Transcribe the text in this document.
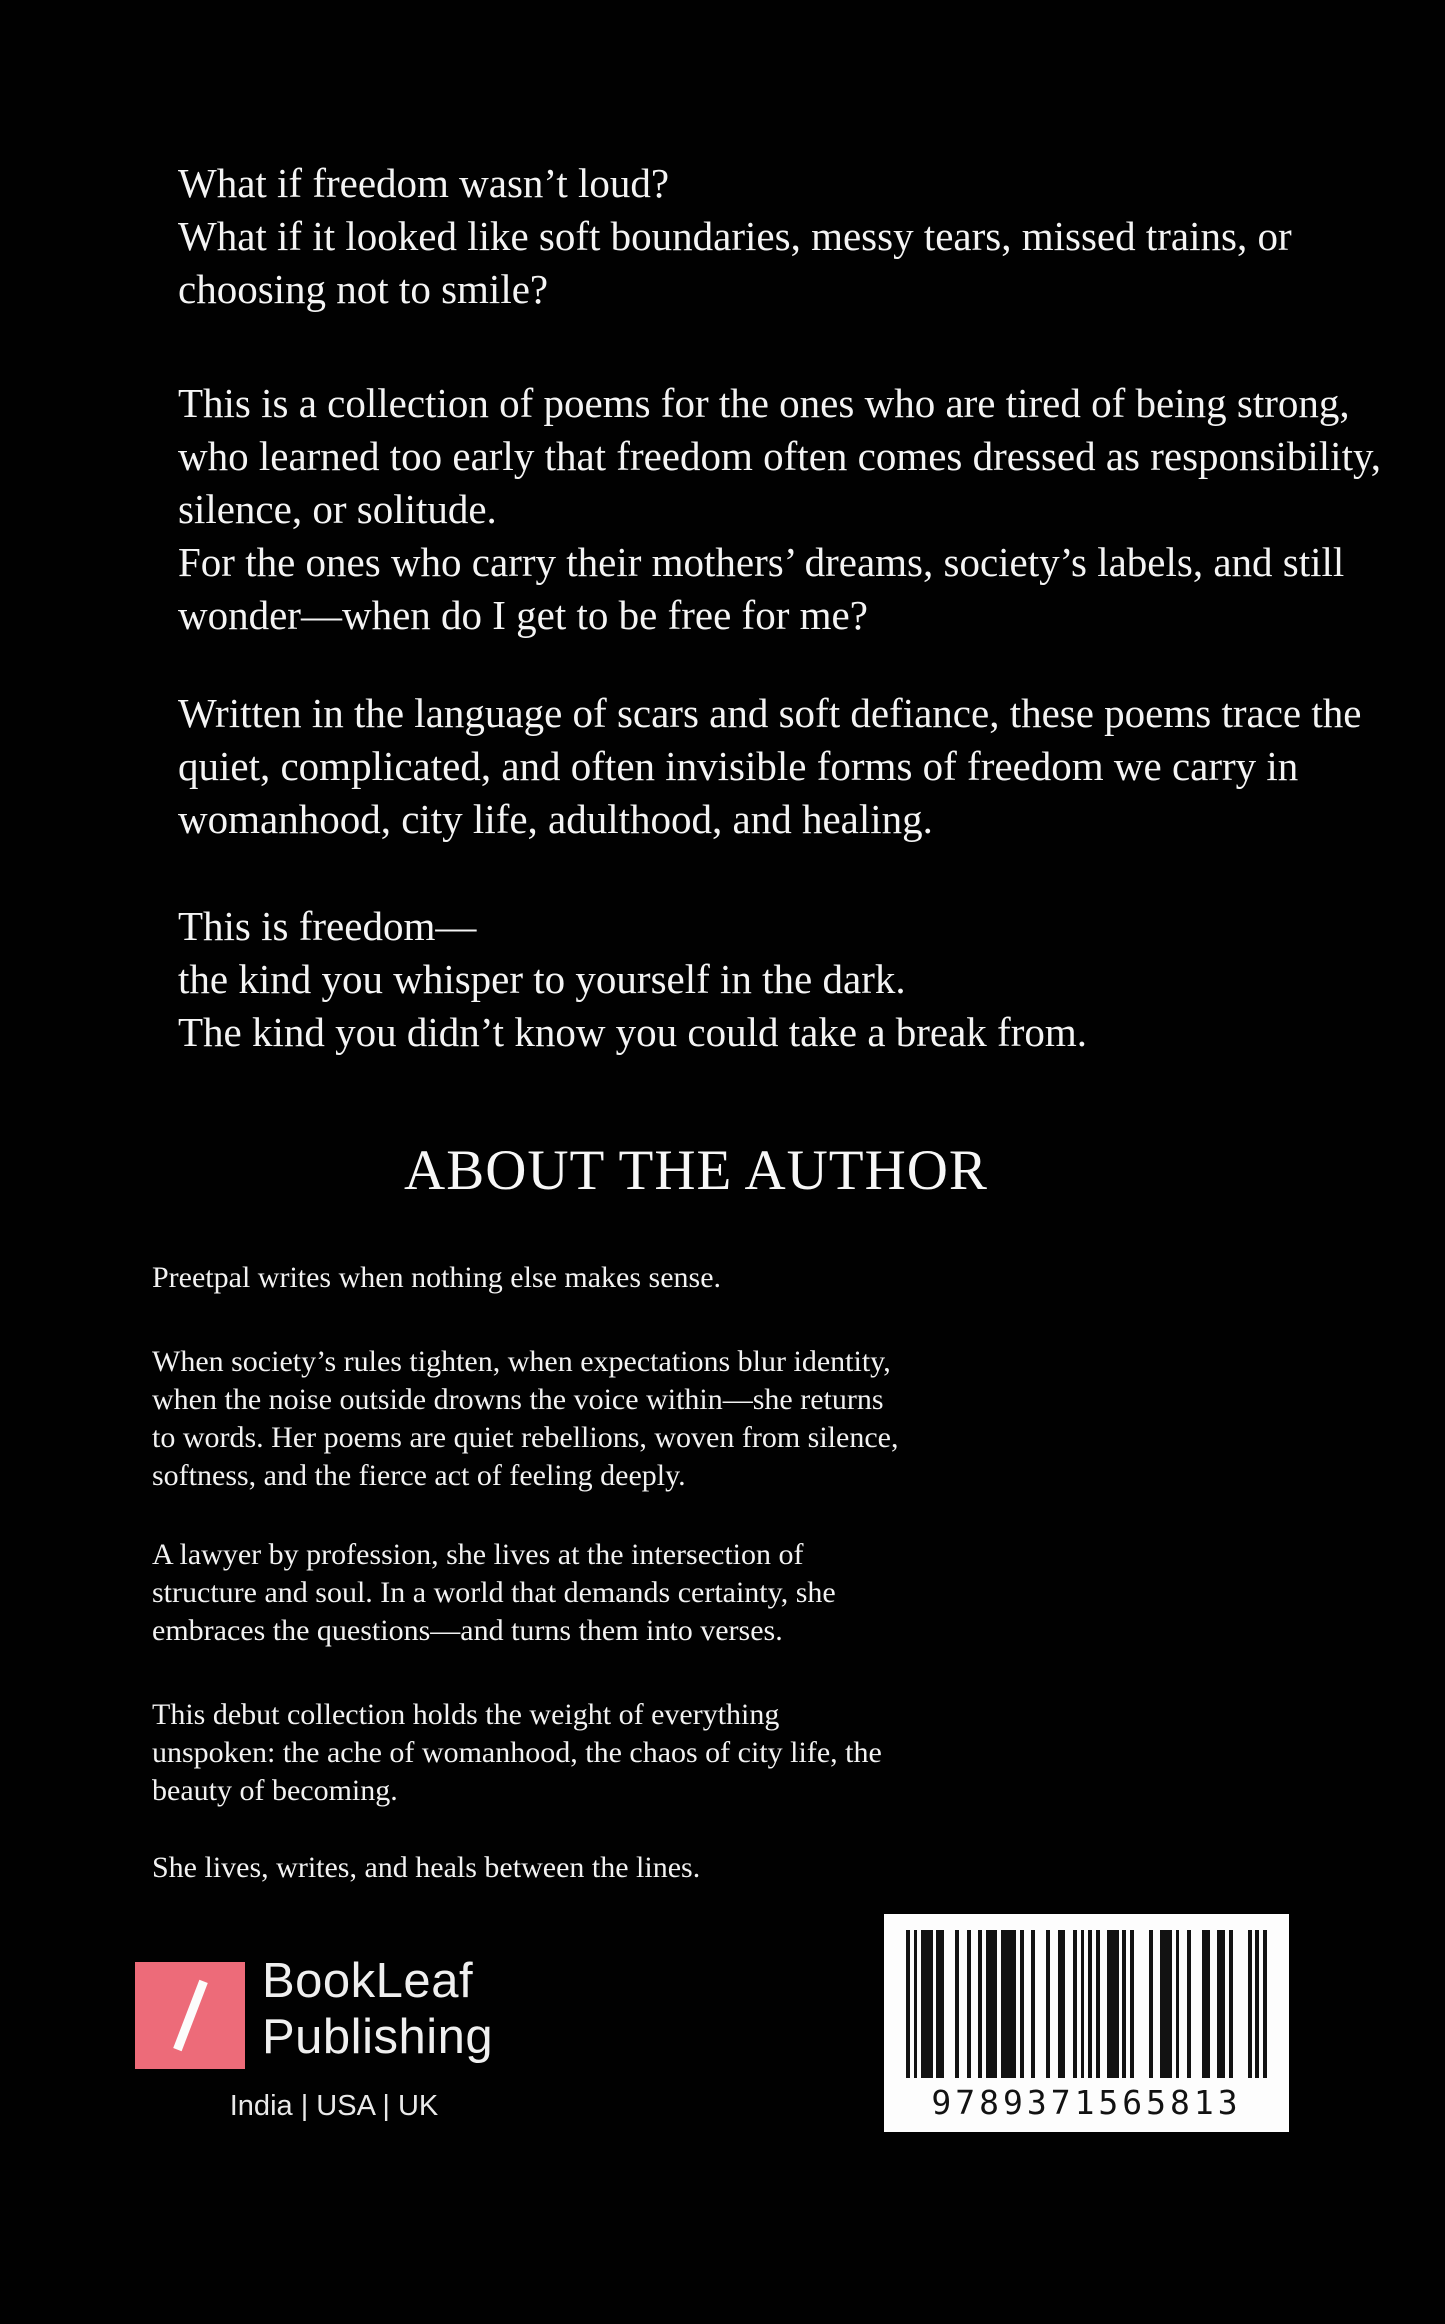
What if freedom wasn’t loud?
What if it looked like soft boundaries, messy tears, missed trains, or
choosing not to smile?
This is a collection of poems for the ones who are tired of being strong,
who learned too early that freedom often comes dressed as responsibility,
silence, or solitude.
For the ones who carry their mothers’ dreams, society’s labels, and still
wonder—when do I get to be free for me?
Written in the language of scars and soft defiance, these poems trace the
quiet, complicated, and often invisible forms of freedom we carry in
womanhood, city life, adulthood, and healing.
This is freedom—
the kind you whisper to yourself in the dark.
The kind you didn’t know you could take a break from.
ABOUT THE AUTHOR
Preetpal writes when nothing else makes sense.
When society’s rules tighten, when expectations blur identity,
when the noise outside drowns the voice within—she returns
to words. Her poems are quiet rebellions, woven from silence,
softness, and the fierce act of feeling deeply.
A lawyer by profession, she lives at the intersection of
structure and soul. In a world that demands certainty, she
embraces the questions—and turns them into verses.
This debut collection holds the weight of everything
unspoken: the ache of womanhood, the chaos of city life, the
beauty of becoming.
She lives, writes, and heals between the lines.
BookLeaf
Publishing
India | USA | UK	9789371565813
